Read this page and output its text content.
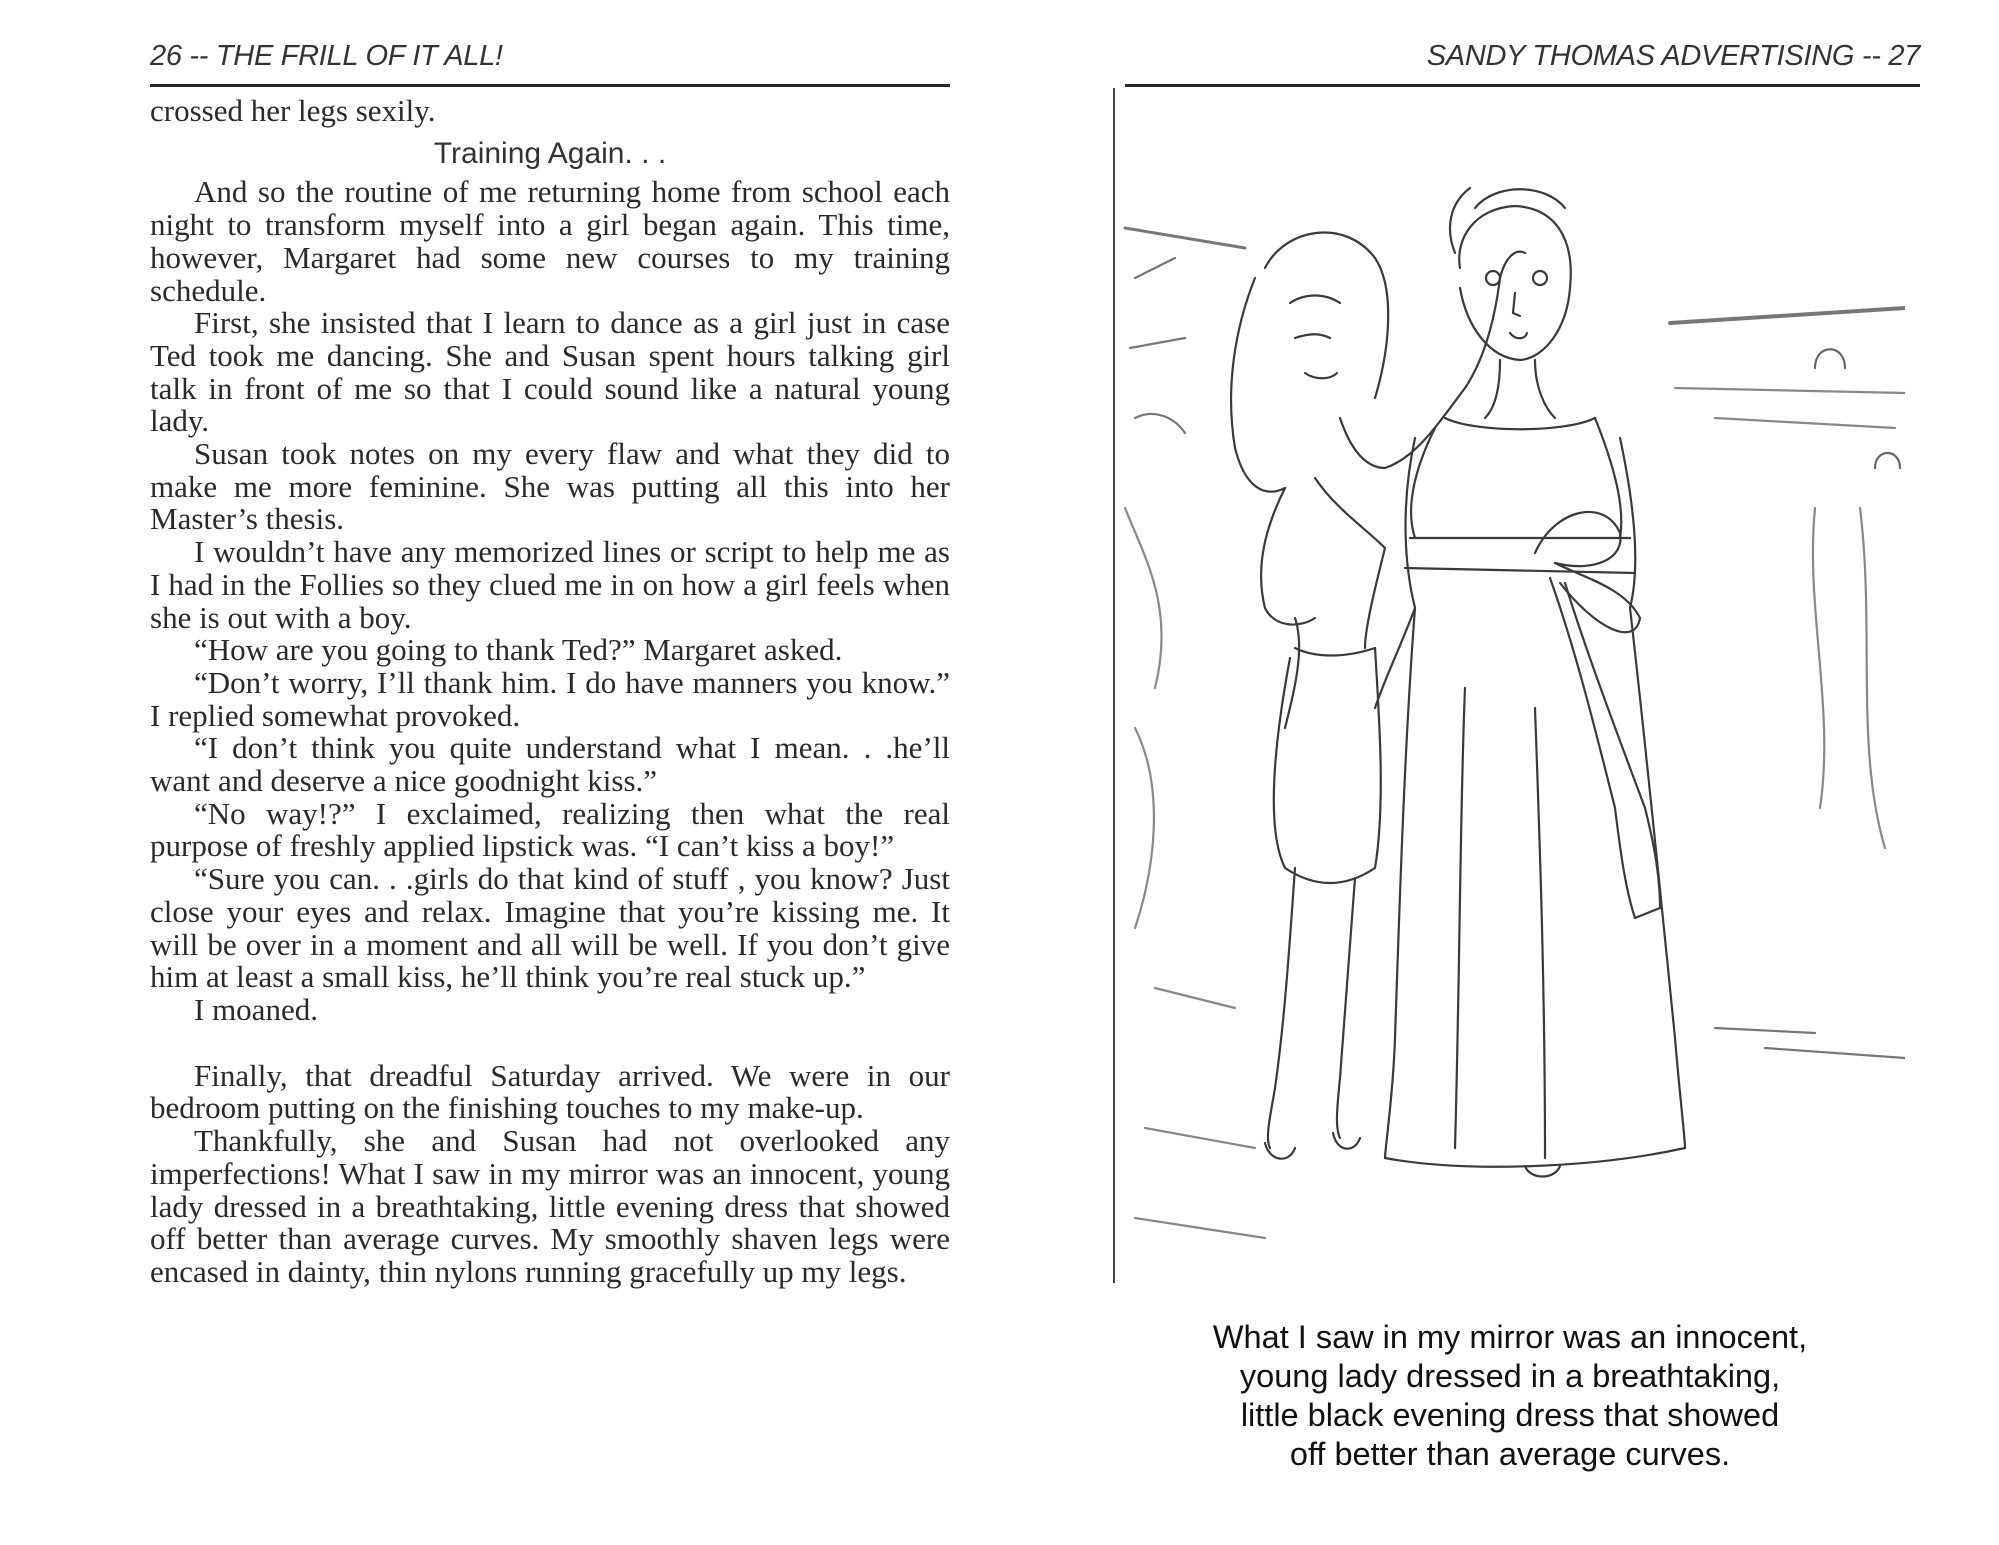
26 -- THE FRILL OF IT ALL!

crossed her legs sexily.

Training Again. . .

And so the routine of me returning home from school each night to transform myself into a girl began again. This time, however, Margaret had some new courses to my training schedule.

First, she insisted that I learn to dance as a girl just in case Ted took me dancing. She and Susan spent hours talking girl talk in front of me so that I could sound like a natural young lady.

Susan took notes on my every flaw and what they did to make me more feminine. She was putting all this into her Master’s thesis.

I wouldn’t have any memorized lines or script to help me as I had in the Follies so they clued me in on how a girl feels when she is out with a boy.

“How are you going to thank Ted?” Margaret asked.

“Don’t worry, I’ll thank him. I do have manners you know.” I replied somewhat provoked.

“I don’t think you quite understand what I mean. . .he’ll want and deserve a nice goodnight kiss.”

“No way!?” I exclaimed, realizing then what the real purpose of freshly applied lipstick was. “I can’t kiss a boy!”

“Sure you can. . .girls do that kind of stuff , you know? Just close your eyes and relax. Imagine that you’re kissing me. It will be over in a moment and all will be well. If you don’t give him at least a small kiss, he’ll think you’re real stuck up.”

I moaned.

Finally, that dreadful Saturday arrived. We were in our bedroom putting on the finishing touches to my make-up.

Thankfully, she and Susan had not overlooked any imperfections! What I saw in my mirror was an innocent, young lady dressed in a breathtaking, little evening dress that showed off better than average curves. My smoothly shaven legs were encased in dainty, thin nylons running gracefully up my legs.

SANDY THOMAS ADVERTISING -- 27
What I saw in my mirror was an innocent,
young lady dressed in a breathtaking,
little black evening dress that showed
off better than average curves.
